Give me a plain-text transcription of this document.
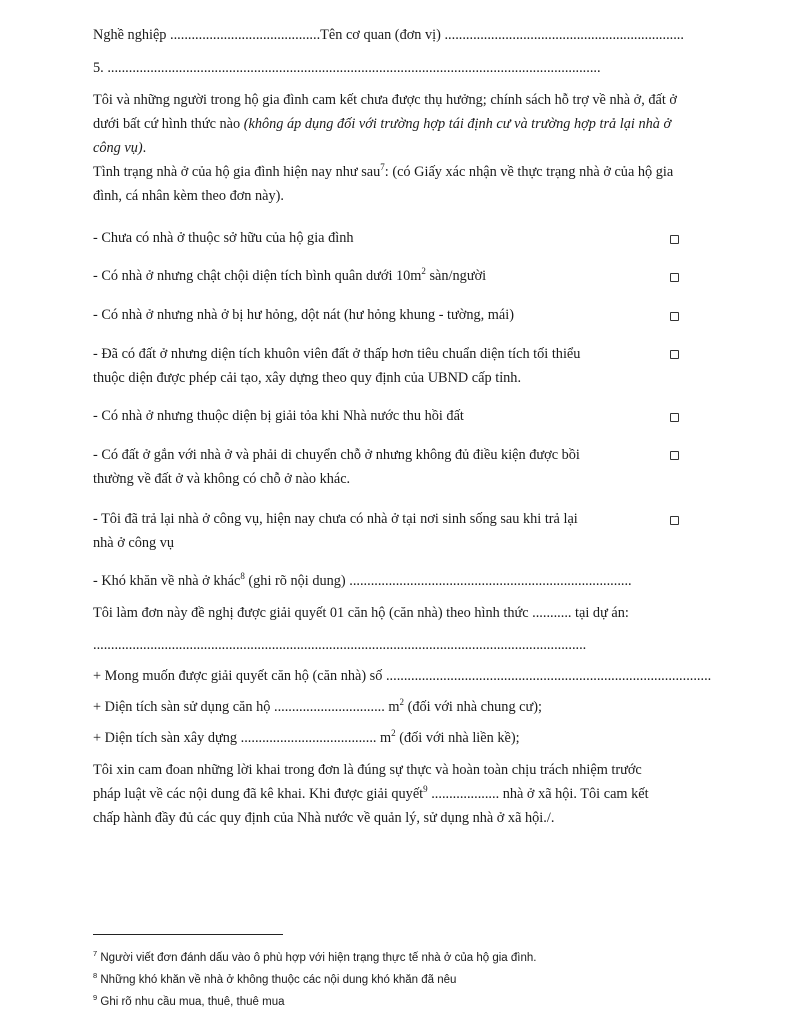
Nghề nghiệp ..........................................Tên cơ quan (đơn vị) ...................................................................
5. ..........................................................................................................................................
Tôi và những người trong hộ gia đình cam kết chưa được thụ hưởng; chính sách hỗ trợ về nhà ở, đất ở dưới bất cứ hình thức nào (không áp dụng đối với trường hợp tái định cư và trường hợp trả lại nhà ở công vụ).
Tình trạng nhà ở của hộ gia đình hiện nay như sau$^7$: (có Giấy xác nhận về thực trạng nhà ở của hộ gia đình, cá nhân kèm theo đơn này).
- Chưa có nhà ở thuộc sở hữu của hộ gia đình
- Có nhà ở nhưng chật chội diện tích bình quân dưới $10m^2$ sàn/người
- Có nhà ở nhưng nhà ở bị hư hỏng, dột nát (hư hỏng khung - tường, mái)
- Đã có đất ở nhưng diện tích khuôn viên đất ở thấp hơn tiêu chuẩn diện tích tối thiểu
thuộc diện được phép cải tạo, xây dựng theo quy định của UBND cấp tỉnh.
- Có nhà ở nhưng thuộc diện bị giải tỏa khi Nhà nước thu hồi đất
- Có đất ở gắn với nhà ở và phải di chuyển chỗ ở nhưng không đủ điều kiện được bồi
thường về đất ở và không có chỗ ở nào khác.
- Tôi đã trả lại nhà ở công vụ, hiện nay chưa có nhà ở tại nơi sinh sống sau khi trả lại
nhà ở công vụ
- Khó khăn về nhà ở khác$^8$ (ghi rõ nội dung) ...............................................................................
Tôi làm đơn này đề nghị được giải quyết 01 căn hộ (căn nhà) theo hình thức ........... tại dự án:
..........................................................................................................................................
+ Mong muốn được giải quyết căn hộ (căn nhà) số ...........................................................................................
+ Diện tích sàn sử dụng căn hộ ............................... $m^2$ (đối với nhà chung cư);
+ Diện tích sàn xây dựng ...................................... $m^2$ (đối với nhà liền kề);
Tôi xin cam đoan những lời khai trong đơn là đúng sự thực và hoàn toàn chịu trách nhiệm trước
pháp luật về các nội dung đã kê khai. Khi được giải quyết$^9$ ................... nhà ở xã hội. Tôi cam kết
chấp hành đầy đủ các quy định của Nhà nước về quản lý, sử dụng nhà ở xã hội./.
$^7$ Người viết đơn đánh dấu vào ô phù hợp với hiện trạng thực tế nhà ở của hộ gia đình.
$^8$ Những khó khăn về nhà ở không thuộc các nội dung khó khăn đã nêu
$^9$ Ghi rõ nhu cầu mua, thuê, thuê mua
